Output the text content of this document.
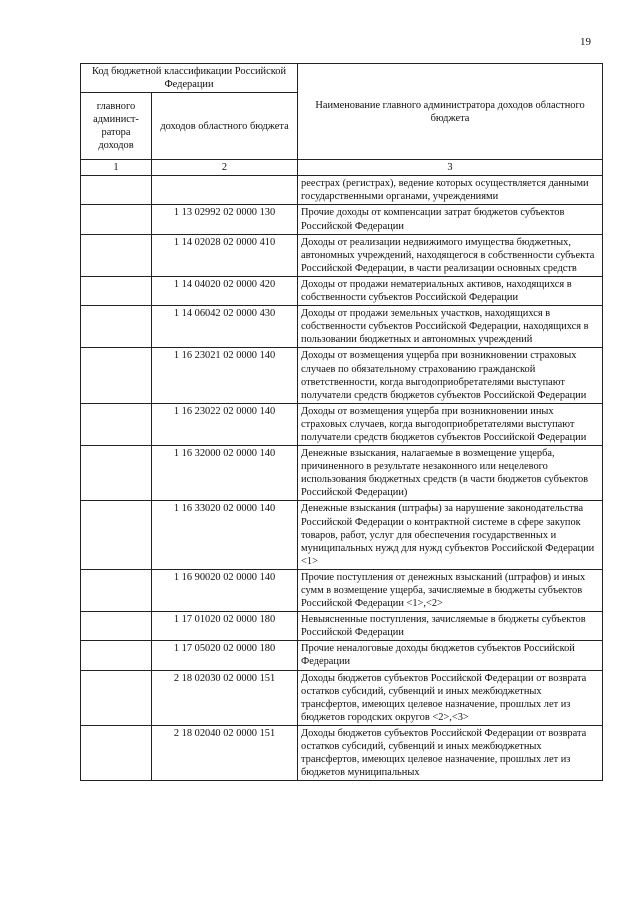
19
Код бюджетной классификации Российской Федерации		Наименование главного администратора доходов областного бюджета
главного админист- ратора доходов	доходов областного бюджета	
1	2	3
		реестрах (регистрах), ведение которых осуществляется данными государственными органами, учреждениями
	1 13 02992 02 0000 130	Прочие доходы от компенсации затрат бюджетов субъектов Российской Федерации
	1 14 02028 02 0000 410	Доходы от реализации недвижимого имущества бюджетных, автономных учреждений, находящегося в собственности субъекта Российской Федерации, в части реализации основных средств
	1 14 04020 02 0000 420	Доходы от продажи нематериальных активов, находящихся в собственности субъектов Российской Федерации
	1 14 06042 02 0000 430	Доходы от продажи земельных участков, находящихся в собственности субъектов Российской Федерации, находящихся в пользовании бюджетных и автономных учреждений
	1 16 23021 02 0000 140	Доходы от возмещения ущерба при возникновении страховых случаев по обязательному страхованию гражданской ответственности, когда выгодоприобретателями выступают получатели средств бюджетов субъектов Российской Федерации
	1 16 23022 02 0000 140	Доходы от возмещения ущерба при возникновении иных страховых случаев, когда выгодоприобретателями выступают получатели средств бюджетов субъектов Российской Федерации
	1 16 32000 02 0000 140	Денежные взыскания, налагаемые в возмещение ущерба, причиненного в результате незаконного или нецелевого использования бюджетных средств (в части бюджетов субъектов Российской Федерации)
	1 16 33020 02 0000 140	Денежные взыскания (штрафы) за нарушение законодательства Российской Федерации о контрактной системе в сфере закупок товаров, работ, услуг для обеспечения государственных и муниципальных нужд для нужд субъектов Российской Федерации <1>
	1 16 90020 02 0000 140	Прочие поступления от денежных взысканий (штрафов) и иных сумм в возмещение ущерба, зачисляемые в бюджеты субъектов Российской Федерации <1>,<2>
	1 17 01020 02 0000 180	Невыясненные поступления, зачисляемые в бюджеты субъектов Российской Федерации
	1 17 05020 02 0000 180	Прочие неналоговые доходы бюджетов субъектов Российской Федерации
	2 18 02030 02 0000 151	Доходы бюджетов субъектов Российской Федерации от возврата остатков субсидий, субвенций и иных межбюджетных трансфертов, имеющих целевое назначение, прошлых лет из бюджетов городских округов <2>,<3>
	2 18 02040 02 0000 151	Доходы бюджетов субъектов Российской Федерации от возврата остатков субсидий, субвенций и иных межбюджетных трансфертов, имеющих целевое назначение, прошлых лет из бюджетов муниципальных
